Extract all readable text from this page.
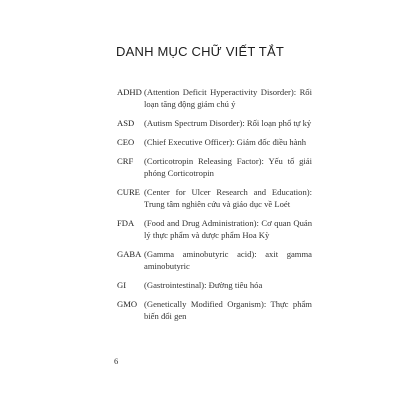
DANH MỤC CHỮ VIẾT TẮT
ADHD (Attention Deficit Hyperactivity Disorder): Rối loạn tăng động giảm chú ý
ASD	(Autism Spectrum Disorder): Rối loạn phổ tự kỷ
CEO	(Chief Executive Officer): Giám đốc điều hành
CRF	(Corticotropin Releasing Factor): Yếu tố giải phóng Corticotropin
CURE (Center for Ulcer Research and Education): Trung tâm nghiên cứu và giáo dục về Loét
FDA	(Food and Drug Administration): Cơ quan Quản lý thực phẩm và dược phẩm Hoa Kỳ
GABA (Gamma aminobutyric acid): axit gamma aminobutyric
GI	(Gastrointestinal): Đường tiêu hóa
GMO (Genetically Modified Organism): Thực phẩm biến đổi gen
6
